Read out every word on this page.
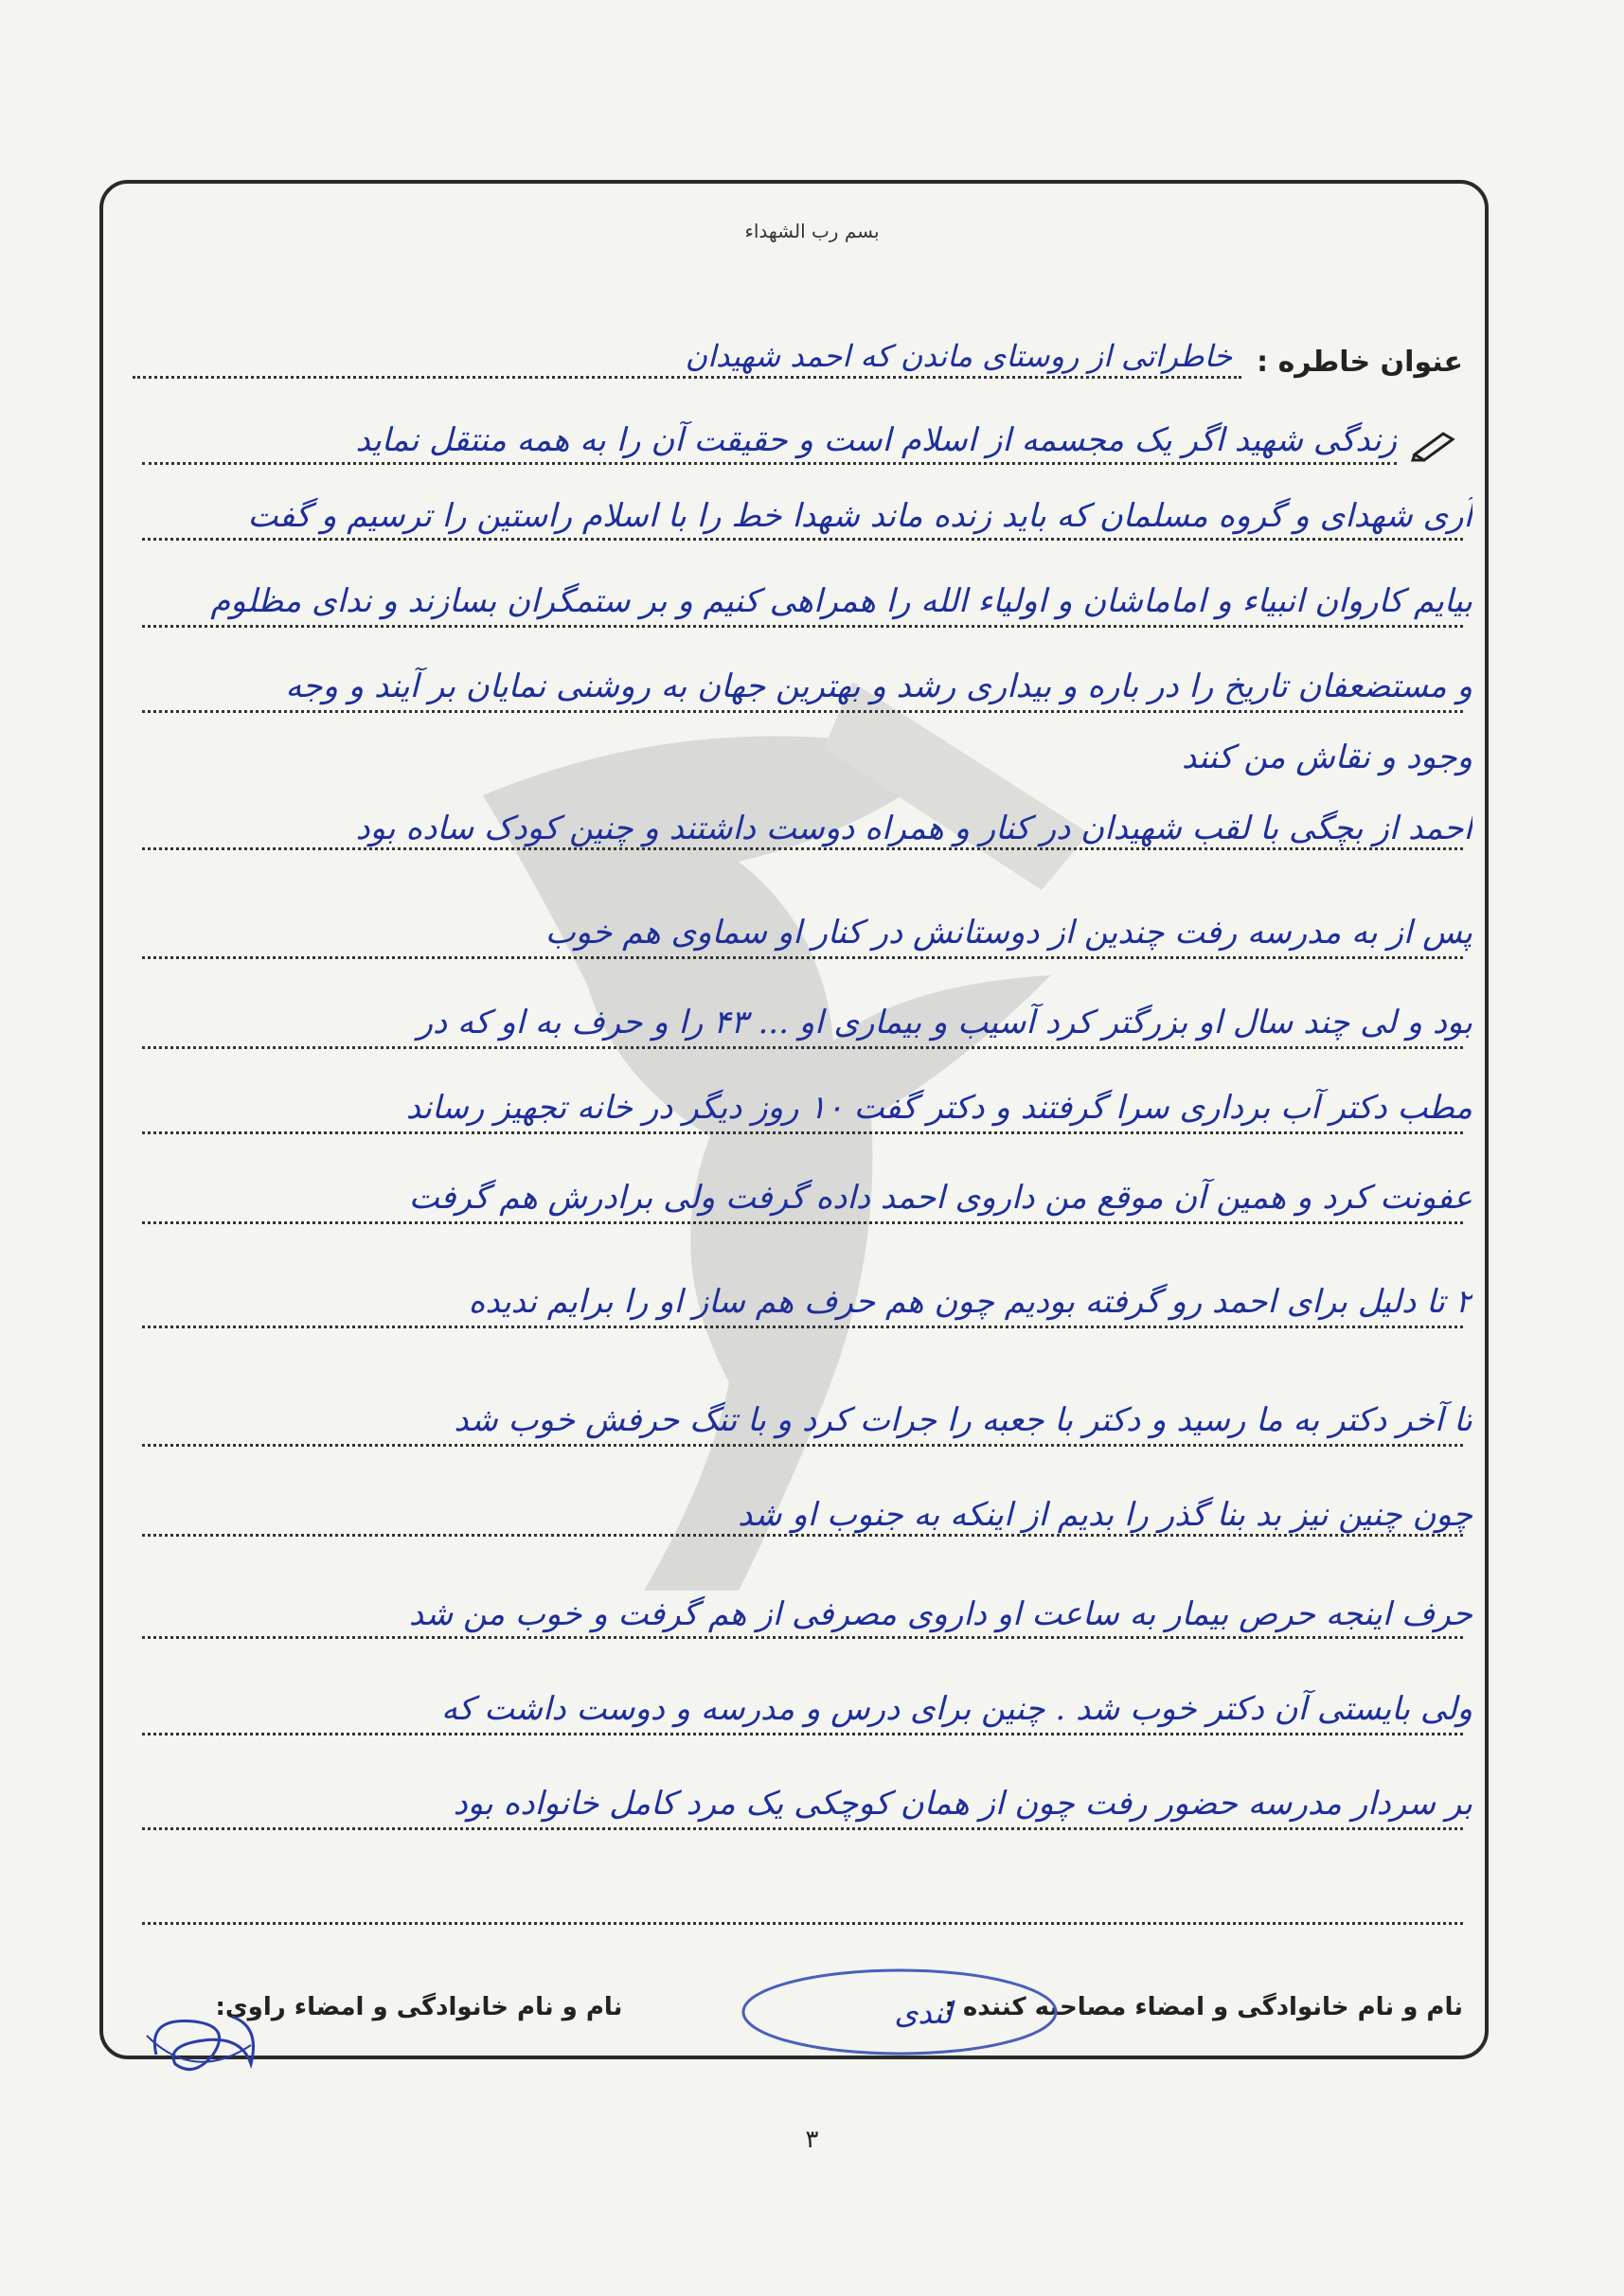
بسم رب الشهداء
عنوان خاطره :
خاطراتی از روستای ماندن که احمد شهیدان
زندگی شهید اگر یک مجسمه از اسلام است و حقیقت آن را به همه منتقل نماید
آری شهدای و گروه مسلمان که باید زنده ماند شهدا خط را با اسلام راستین را ترسیم و گفت
بیایم کاروان انبیاء و اماماشان و اولیاء الله را همراهی کنیم و بر ستمگران بسازند و ندای مظلوم
و مستضعفان تاریخ را در باره و بیداری رشد و بهترین جهان به روشنی نمایان بر آیند و وجه
وجود و نقاش من کنند
احمد از بچگی با لقب شهیدان در کنار و همراه دوست داشتند و چنین کودک ساده بود
پس از به مدرسه رفت چندین از دوستانش در کنار او سماوی هم خوب
بود و لی چند سال او بزرگتر کرد آسیب و بیماری او ... ۴۳ را و حرف به او که در
مطب دکتر آب برداری سرا گرفتند و دکتر گفت ۱۰ روز دیگر در خانه تجهیز رساند
عفونت کرد و همین آن موقع من داروی احمد داده گرفت ولی برادرش هم گرفت
۲ تا دلیل برای احمد رو گرفته بودیم چون هم حرف هم ساز او را برایم ندیده
تا آخر دکتر به ما رسید و دکتر با جعبه را جرات کرد و با تنگ حرفش خوب شد
چون چنین نیز بد بنا گذر را بدیم از اینکه به جنوب او شد
حرف اینجه حرص بیمار به ساعت او داروی مصرفی از هم گرفت و خوب من شد
ولی بایستی آن دکتر خوب شد . چنین برای درس و مدرسه و دوست داشت که
بر سردار مدرسه حضور رفت چون از همان کوچکی یک مرد کامل خانواده بود
نام و نام خانوادگی و امضاء مصاحبه کننده :
نام و نام خانوادگی و امضاء راوی:	لندی
۳
